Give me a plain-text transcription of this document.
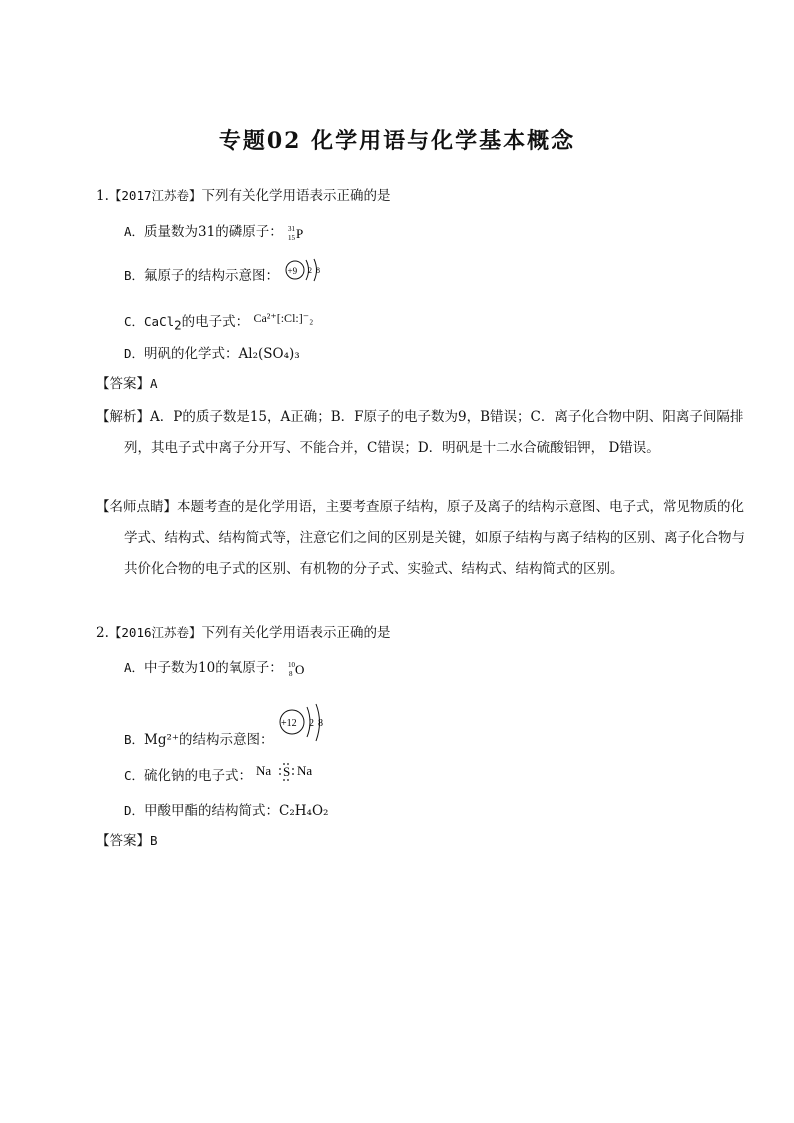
专题02 化学用语与化学基本概念
1.【2017江苏卷】下列有关化学用语表示正确的是
A．质量数为31的磷原子： 31
15 P
B．氟原子的结构示意图： +9 2 8
C．CaCl$_2$的电子式： Ca²⁺[:Cl:]⁻₂
D．明矾的化学式：Al₂(SO₄)₃
【答案】A
【解析】A．P的质子数是15，A正确；B．F原子的电子数为9，B错误；C．离子化合物中阴、阳离子间隔排列，其电子式中离子分开写、不能合并，C错误；D．明矾是十二水合硫酸铝钾， D错误。
【名师点睛】本题考查的是化学用语，主要考查原子结构，原子及离子的结构示意图、电子式，常见物质的化学式、结构式、结构简式等，注意它们之间的区别是关键，如原子结构与离子结构的区别、离子化合物与共价化合物的电子式的区别、有机物的分子式、实验式、结构式、结构简式的区别。
2.【2016江苏卷】下列有关化学用语表示正确的是
A．中子数为10的氧原子： 10
8 O
B．Mg²⁺的结构示意图：
+12 2 8
C．硫化钠的电子式： Na S Na
D．甲酸甲酯的结构简式：C₂H₄O₂
【答案】B
